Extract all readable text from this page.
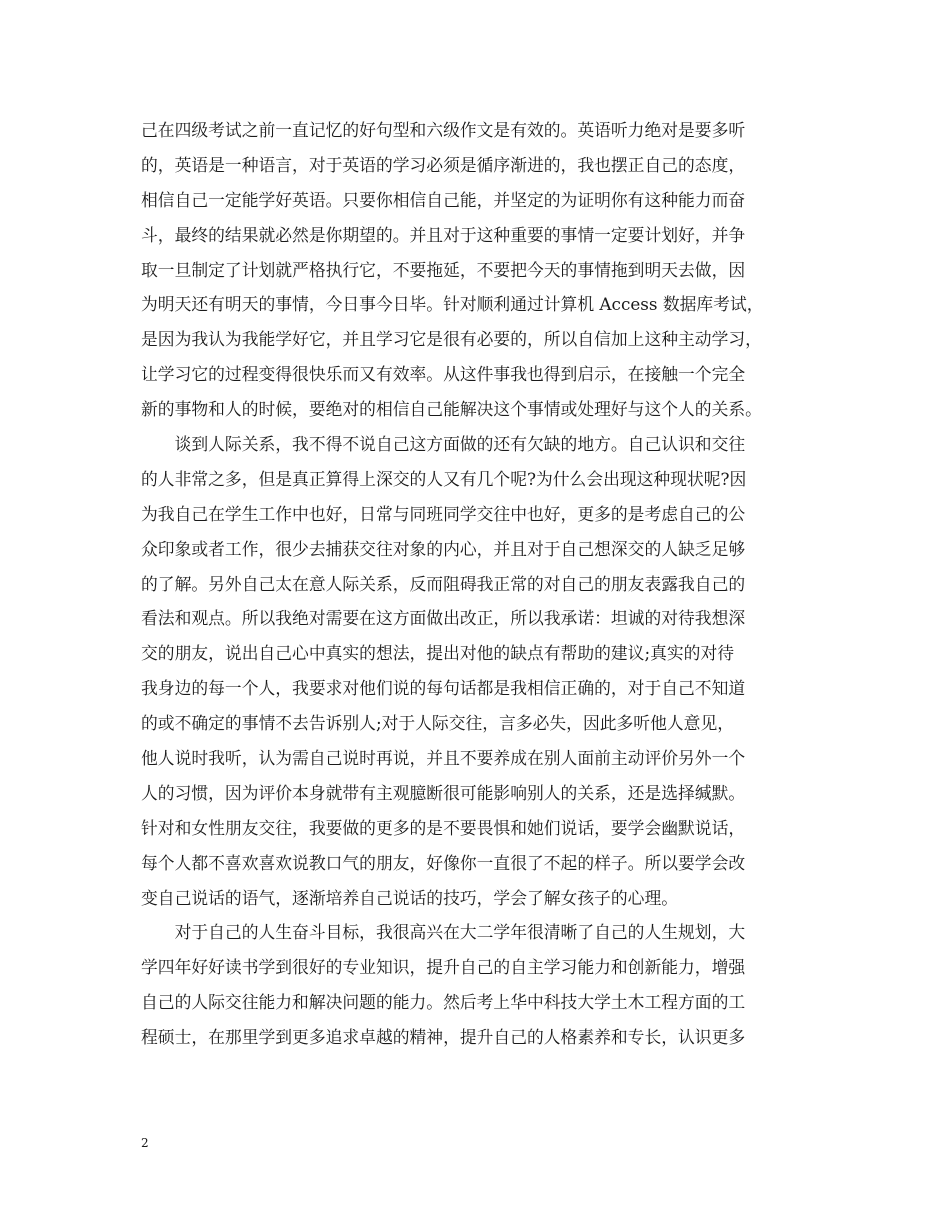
己在四级考试之前一直记忆的好句型和六级作文是有效的。英语听力绝对是要多听
的，英语是一种语言，对于英语的学习必须是循序渐进的，我也摆正自己的态度，
相信自己一定能学好英语。只要你相信自己能，并坚定的为证明你有这种能力而奋
斗，最终的结果就必然是你期望的。并且对于这种重要的事情一定要计划好，并争
取一旦制定了计划就严格执行它，不要拖延，不要把今天的事情拖到明天去做，因
为明天还有明天的事情，今日事今日毕。针对顺利通过计算机 Access 数据库考试，
是因为我认为我能学好它，并且学习它是很有必要的，所以自信加上这种主动学习，
让学习它的过程变得很快乐而又有效率。从这件事我也得到启示，在接触一个完全
新的事物和人的时候，要绝对的相信自己能解决这个事情或处理好与这个人的关系。
　　谈到人际关系，我不得不说自己这方面做的还有欠缺的地方。自己认识和交往
的人非常之多，但是真正算得上深交的人又有几个呢?为什么会出现这种现状呢?因
为我自己在学生工作中也好，日常与同班同学交往中也好，更多的是考虑自己的公
众印象或者工作，很少去捕获交往对象的内心，并且对于自己想深交的人缺乏足够
的了解。另外自己太在意人际关系，反而阻碍我正常的对自己的朋友表露我自己的
看法和观点。所以我绝对需要在这方面做出改正，所以我承诺：坦诚的对待我想深
交的朋友，说出自己心中真实的想法，提出对他的缺点有帮助的建议;真实的对待
我身边的每一个人，我要求对他们说的每句话都是我相信正确的，对于自己不知道
的或不确定的事情不去告诉别人;对于人际交往，言多必失，因此多听他人意见，
他人说时我听，认为需自己说时再说，并且不要养成在别人面前主动评价另外一个
人的习惯，因为评价本身就带有主观臆断很可能影响别人的关系，还是选择缄默。
针对和女性朋友交往，我要做的更多的是不要畏惧和她们说话，要学会幽默说话，
每个人都不喜欢喜欢说教口气的朋友，好像你一直很了不起的样子。所以要学会改
变自己说话的语气，逐渐培养自己说话的技巧，学会了解女孩子的心理。
　　对于自己的人生奋斗目标，我很高兴在大二学年很清晰了自己的人生规划，大
学四年好好读书学到很好的专业知识，提升自己的自主学习能力和创新能力，增强
自己的人际交往能力和解决问题的能力。然后考上华中科技大学土木工程方面的工
程硕士，在那里学到更多追求卓越的精神，提升自己的人格素养和专长，认识更多
2
